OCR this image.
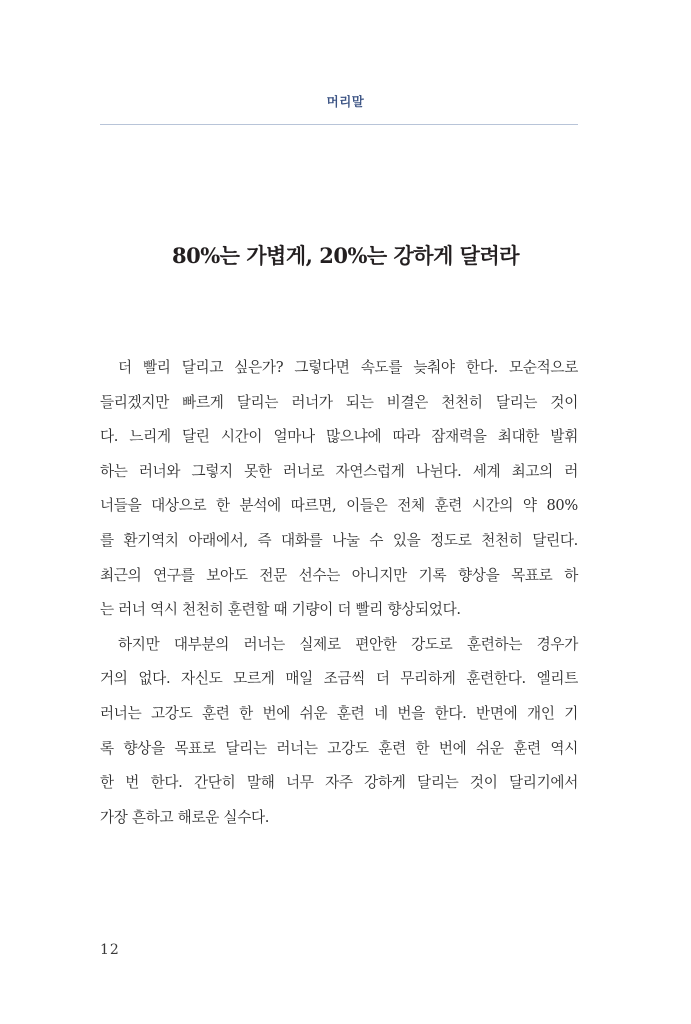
머리말
80%는 가볍게, 20%는 강하게 달려라
더 빨리 달리고 싶은가? 그렇다면 속도를 늦춰야 한다. 모순적으로
들리겠지만 빠르게 달리는 러너가 되는 비결은 천천히 달리는 것이
다. 느리게 달린 시간이 얼마나 많으냐에 따라 잠재력을 최대한 발휘
하는 러너와 그렇지 못한 러너로 자연스럽게 나뉜다. 세계 최고의 러
너들을 대상으로 한 분석에 따르면, 이들은 전체 훈련 시간의 약 80%
를 환기역치 아래에서, 즉 대화를 나눌 수 있을 정도로 천천히 달린다.
최근의 연구를 보아도 전문 선수는 아니지만 기록 향상을 목표로 하
는 러너 역시 천천히 훈련할 때 기량이 더 빨리 향상되었다.
하지만 대부분의 러너는 실제로 편안한 강도로 훈련하는 경우가
거의 없다. 자신도 모르게 매일 조금씩 더 무리하게 훈련한다. 엘리트
러너는 고강도 훈련 한 번에 쉬운 훈련 네 번을 한다. 반면에 개인 기
록 향상을 목표로 달리는 러너는 고강도 훈련 한 번에 쉬운 훈련 역시
한 번 한다. 간단히 말해 너무 자주 강하게 달리는 것이 달리기에서
가장 흔하고 해로운 실수다.
12
